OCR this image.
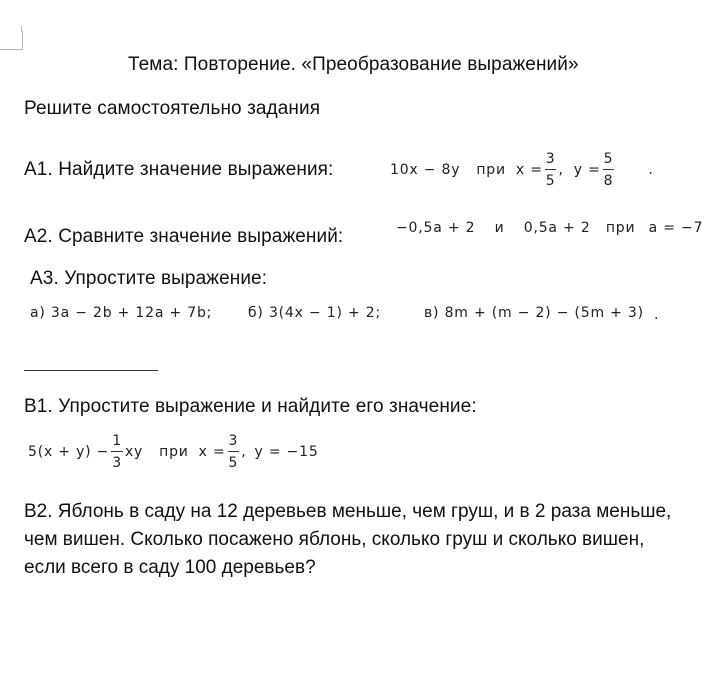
Тема: Повторение. «Преобразование выражений»
Решите самостоятельно задания
А1. Найдите значение выражения:	10x − 8y при $x = \frac{3}{5}$ , $y = \frac{5}{8}$ .
А2. Сравните значение выражений:	−0,5a + 2 и 0,5a + 2 при a = −7
А3. Упростите выражение:
а) 3a − 2b + 12a + 7b;	б) 3(4x − 1) + 2;	в) 8m + (m − 2) − (5m + 3) .
В1. Упростите выражение и найдите его значение:
$5(x + y) - \frac{1}{3}$ xy при $x = \frac{3}{5}$ , y = −15
В2. Яблонь в саду на 12 деревьев меньше, чем груш, и в 2 раза меньше, чем вишен. Сколько посажено яблонь, сколько груш и сколько вишен, если всего в саду 100 деревьев?
